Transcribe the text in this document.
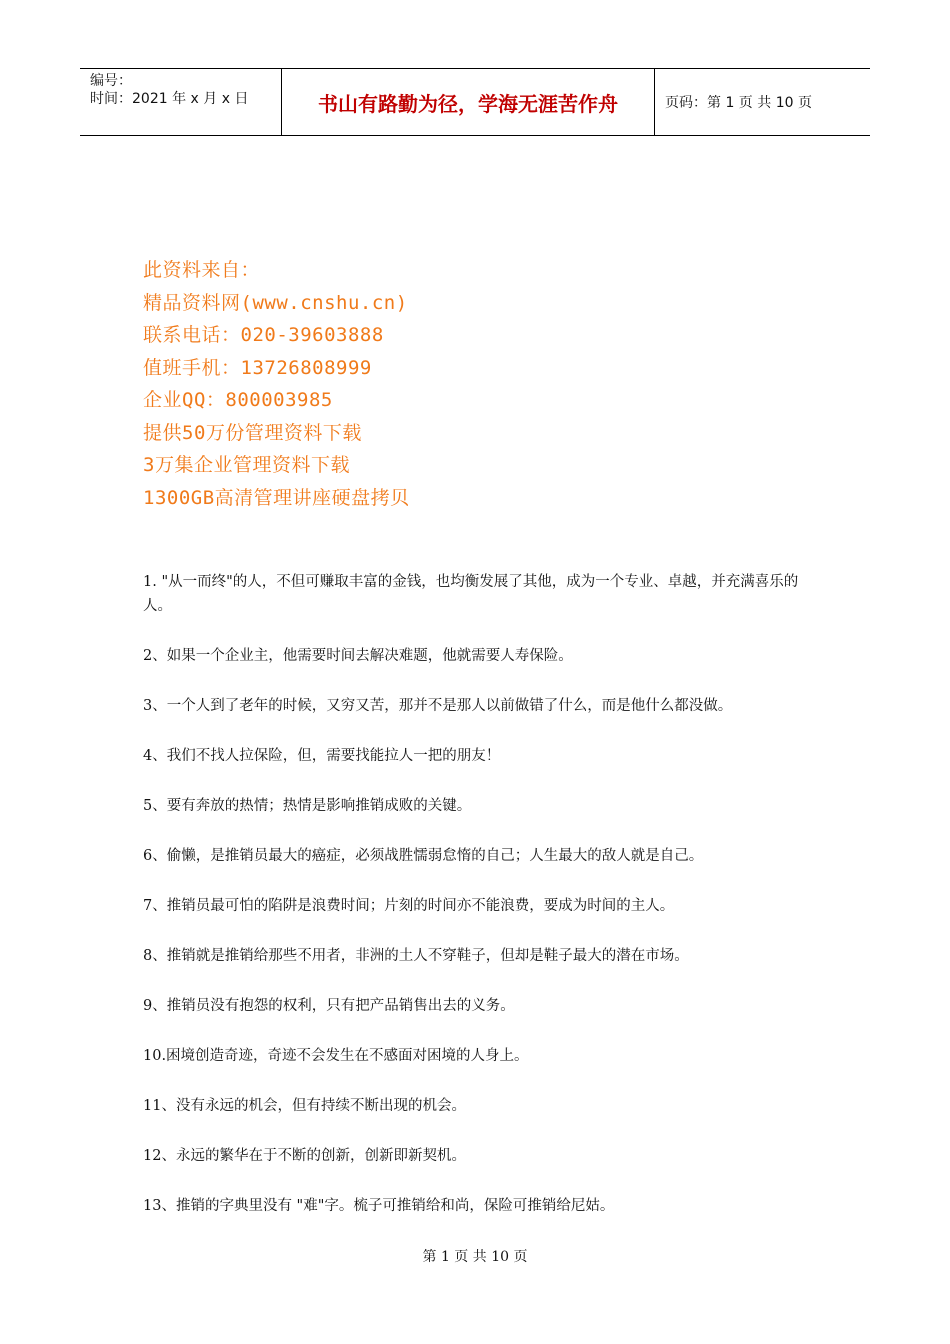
编号：
时间：2021 年 x 月 x 日	书山有路勤为径，学海无涯苦作舟	页码：第 1 页 共 10 页
此资料来自：
精品资料网(www.cnshu.cn)
联系电话：020-39603888
值班手机：13726808999
企业QQ：800003985
提供50万份管理资料下载
3万集企业管理资料下载
1300GB高清管理讲座硬盘拷贝

1. "从一而终"的人，不但可赚取丰富的金钱，也均衡发展了其他，成为一个专业、卓越，并充满喜乐的人。

2、如果一个企业主，他需要时间去解决难题，他就需要人寿保险。

3、一个人到了老年的时候，又穷又苦，那并不是那人以前做错了什么，而是他什么都没做。

4、我们不找人拉保险，但，需要找能拉人一把的朋友！

5、要有奔放的热情；热情是影响推销成败的关键。

6、偷懒，是推销员最大的癌症，必须战胜懦弱怠惰的自己；人生最大的敌人就是自己。

7、推销员最可怕的陷阱是浪费时间；片刻的时间亦不能浪费，要成为时间的主人。

8、推销就是推销给那些不用者，非洲的土人不穿鞋子，但却是鞋子最大的潜在市场。

9、推销员没有抱怨的权利，只有把产品销售出去的义务。

10.困境创造奇迹，奇迹不会发生在不感面对困境的人身上。

11、没有永远的机会，但有持续不断出现的机会。

12、永远的繁华在于不断的创新，创新即新契机。

13、推销的字典里没有 "难"字。梳子可推销给和尚，保险可推销给尼姑。

第 1 页 共 10 页
